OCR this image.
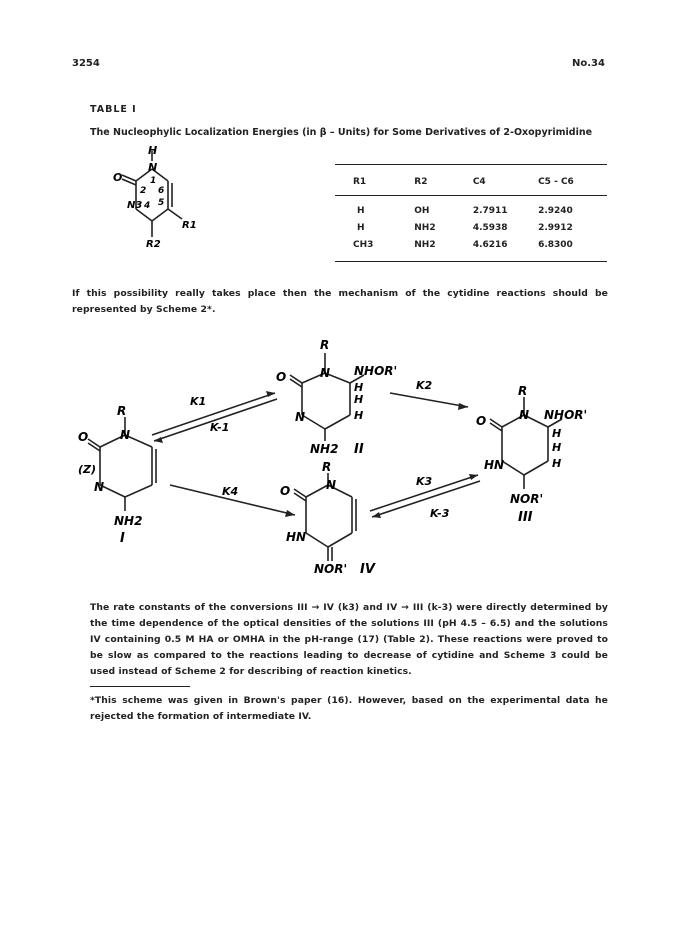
3254	No.34
TABLE I
The Nucleophylic Localization Energies (in β – Units) for Some Derivatives of 2-Oxopyrimidine
H
N
1
O
2 6
N3 4 5
R1
R2
R1	R2	C4	C5 - C6
H	OH	2.7911	2.9240
H	NH2	4.5938	2.9912
CH3	NH2	4.6216	6.8300
If this possibility really takes place then the mechanism of the cytidine reactions should be represented by Scheme 2*.
R
N
O
N
(Z)
NH2
I
R
N NHOR'
H
H
H
O
N
NH2 II
R
N NHOR'
H
H
H
O
HN
NOR'
III
R
N
O
HN
NOR' IV
K1
K-1
K2
K4
K3
K-3
The rate constants of the conversions III → IV (k3) and IV → III (k-3) were directly determined by the time dependence of the optical densities of the solutions III (pH 4.5 – 6.5) and the solutions IV containing 0.5 M HA or OMHA in the pH-range (17) (Table 2). These reactions were proved to be slow as compared to the reactions leading to decrease of cytidine and Scheme 3 could be used instead of Scheme 2 for describing of reaction kinetics.
*This scheme was given in Brown's paper (16). However, based on the experimental data he rejected the formation of intermediate IV.
